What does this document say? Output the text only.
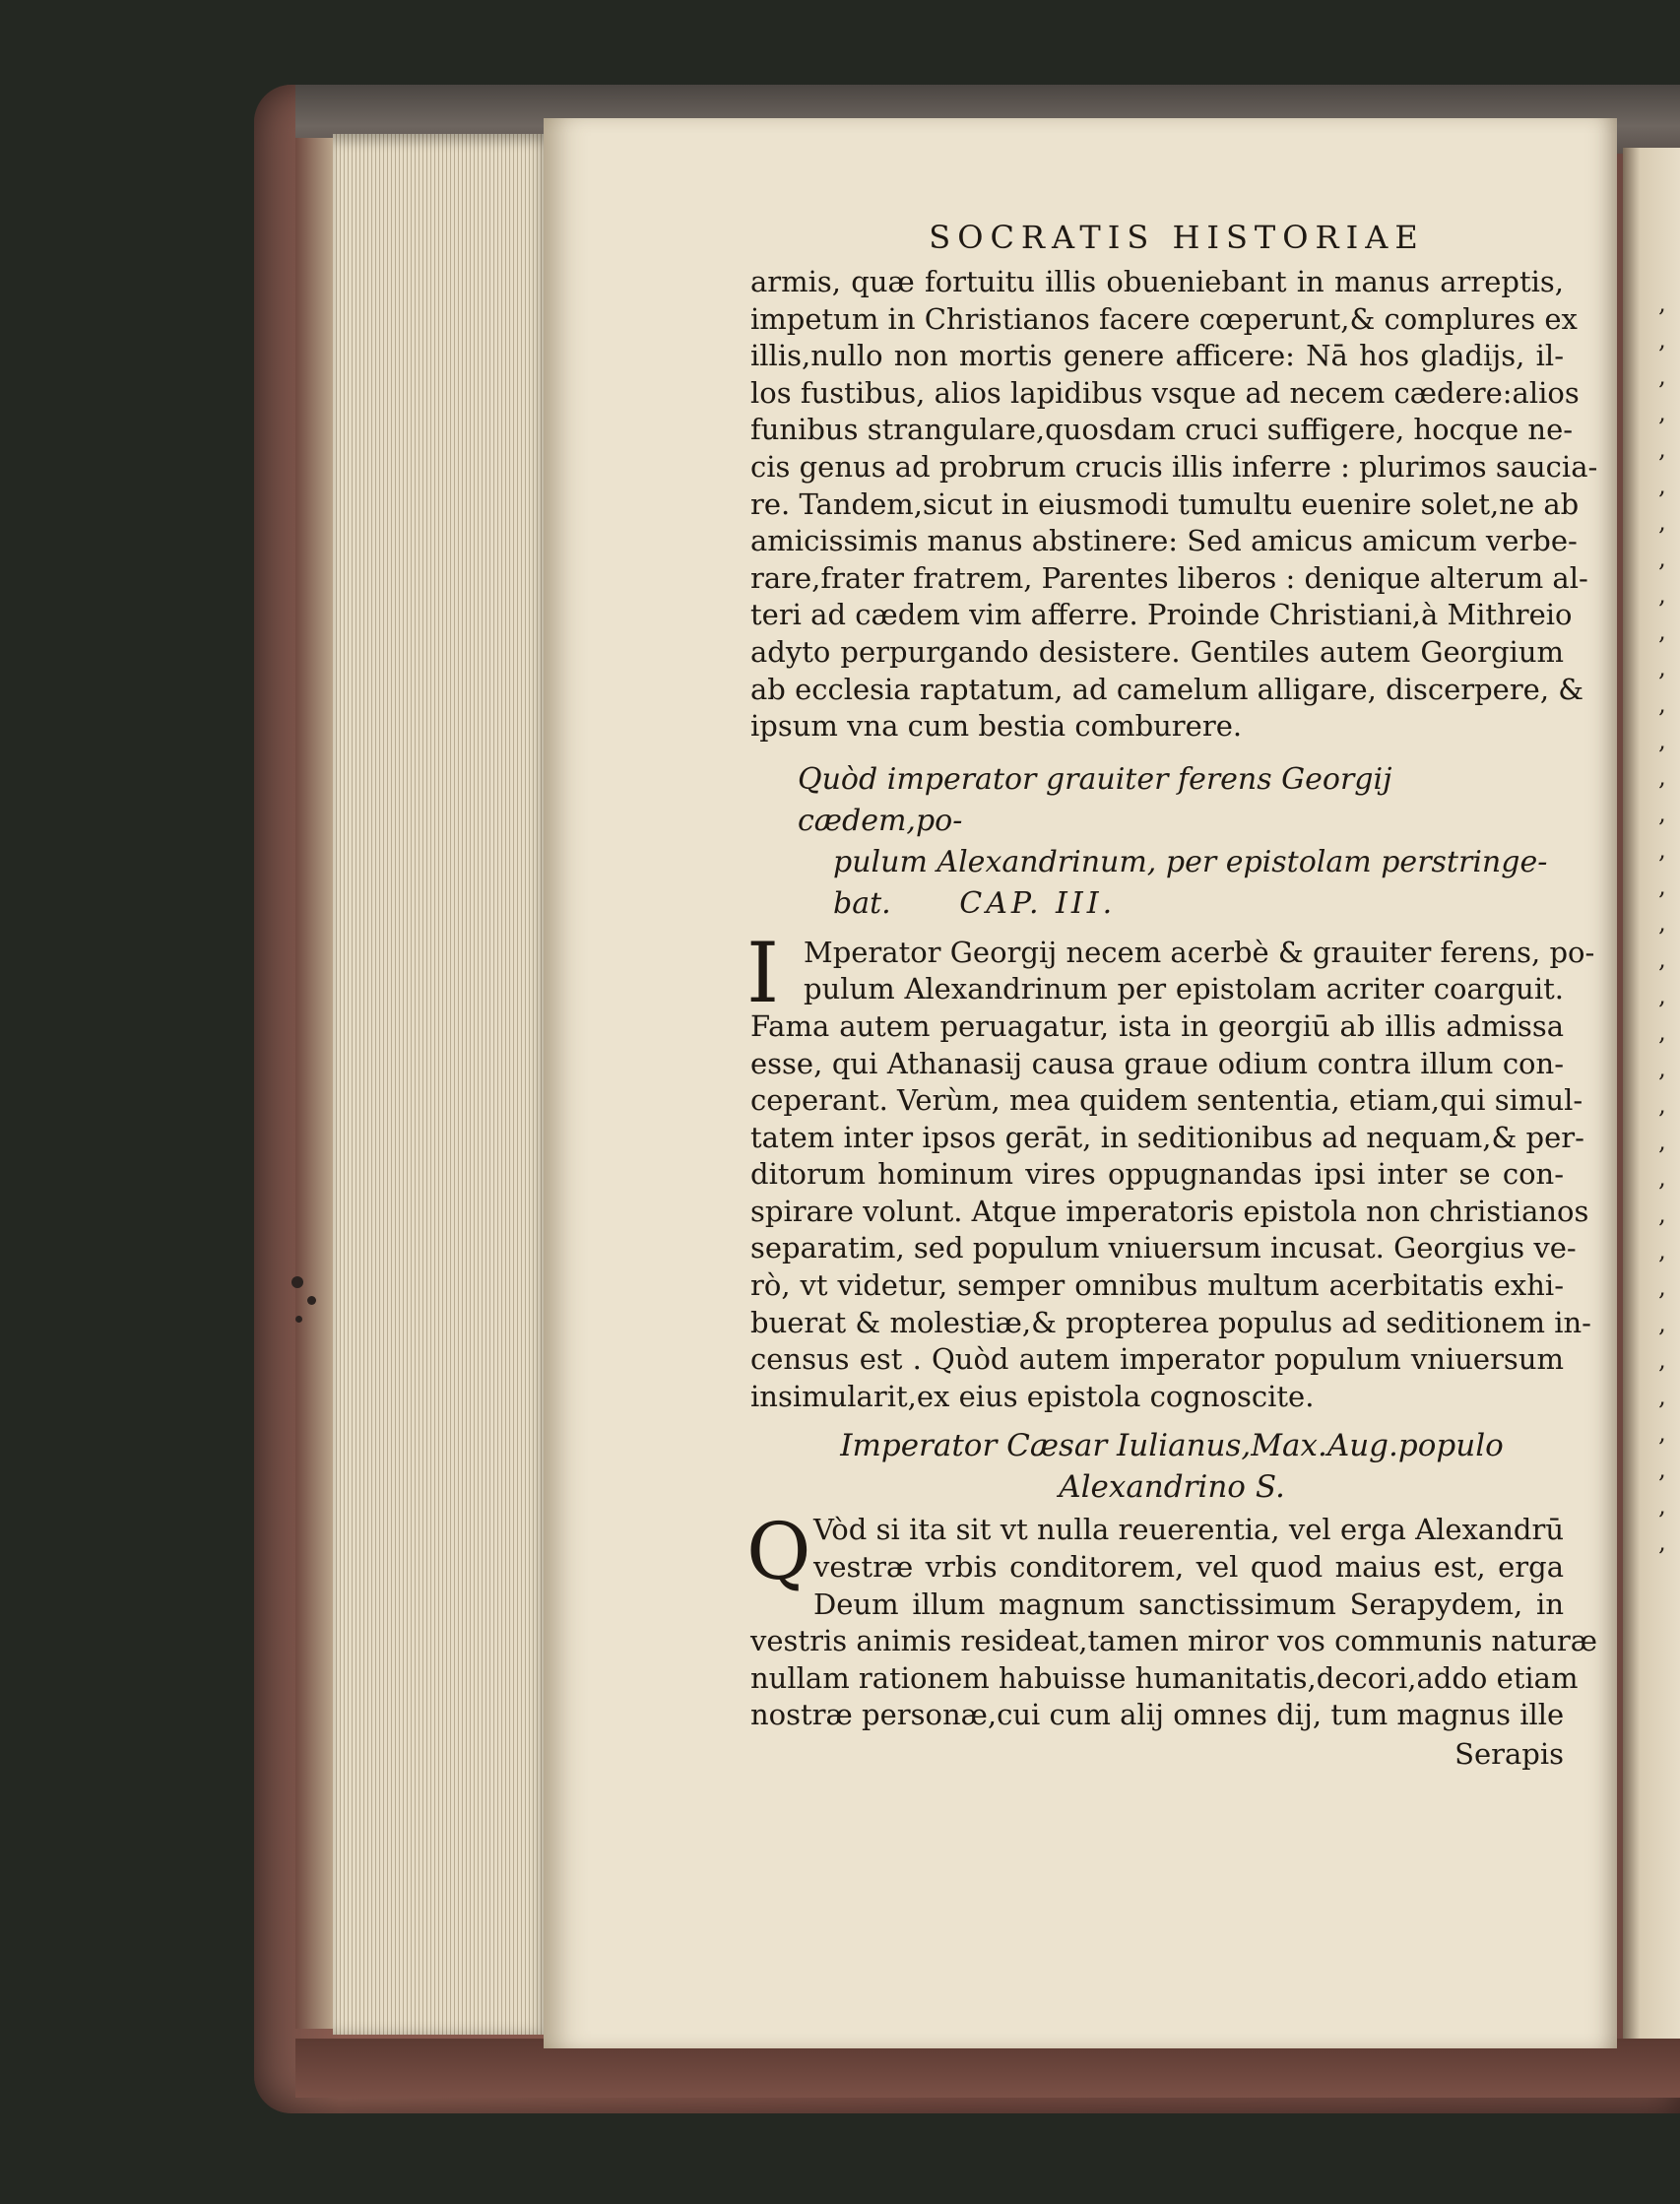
,
,
,
,
,
,
,
,
,
,
,
,
,
,
,
,
,
,
,
,
,
,
,
,
,
,
,
,
,
,
,
,
,
,
,
SOCRATIS HISTORIAE
armis, quæ fortuitu illis obueniebant in manus arreptis,
impetum in Christianos facere cœperunt,& complures ex
illis,nullo non mortis genere afficere: Nā hos gladijs, il-
los fustibus, alios lapidibus vsque ad necem cædere:alios
funibus strangulare,quosdam cruci suffigere, hocque ne-
cis genus ad probrum crucis illis inferre : plurimos saucia-
re. Tandem,sicut in eiusmodi tumultu euenire solet,ne ab
amicissimis manus abstinere: Sed amicus amicum verbe-
rare,frater fratrem, Parentes liberos : denique alterum al-
teri ad cædem vim afferre. Proinde Christiani,à Mithreio
adyto perpurgando desistere. Gentiles autem Georgium
ab ecclesia raptatum, ad camelum alligare, discerpere, &
ipsum vna cum bestia comburere.
Quòd imperator grauiter ferens Georgij cædem,po-
pulum Alexandrinum, per epistolam perstringe-
bat. CAP. III.
I Mperator Georgij necem acerbè & grauiter ferens, po-
pulum Alexandrinum per epistolam acriter coarguit.
Fama autem peruagatur, ista in georgiū ab illis admissa
esse, qui Athanasij causa graue odium contra illum con-
ceperant. Verùm, mea quidem sententia, etiam,qui simul-
tatem inter ipsos gerāt, in seditionibus ad nequam,& per-
ditorum hominum vires oppugnandas ipsi inter se con-
spirare volunt. Atque imperatoris epistola non christianos
separatim, sed populum vniuersum incusat. Georgius ve-
rò, vt videtur, semper omnibus multum acerbitatis exhi-
buerat & molestiæ,& propterea populus ad seditionem in-
census est . Quòd autem imperator populum vniuersum
insimularit,ex eius epistola cognoscite.
Imperator Cæsar Iulianus,Max.Aug.populo
Alexandrino S.
Q Vòd si ita sit vt nulla reuerentia, vel erga Alexandrū
vestræ vrbis conditorem, vel quod maius est, erga
Deum illum magnum sanctissimum Serapydem, in
vestris animis resideat,tamen miror vos communis naturæ
nullam rationem habuisse humanitatis,decori,addo etiam
nostræ personæ,cui cum alij omnes dij, tum magnus ille
Serapis
